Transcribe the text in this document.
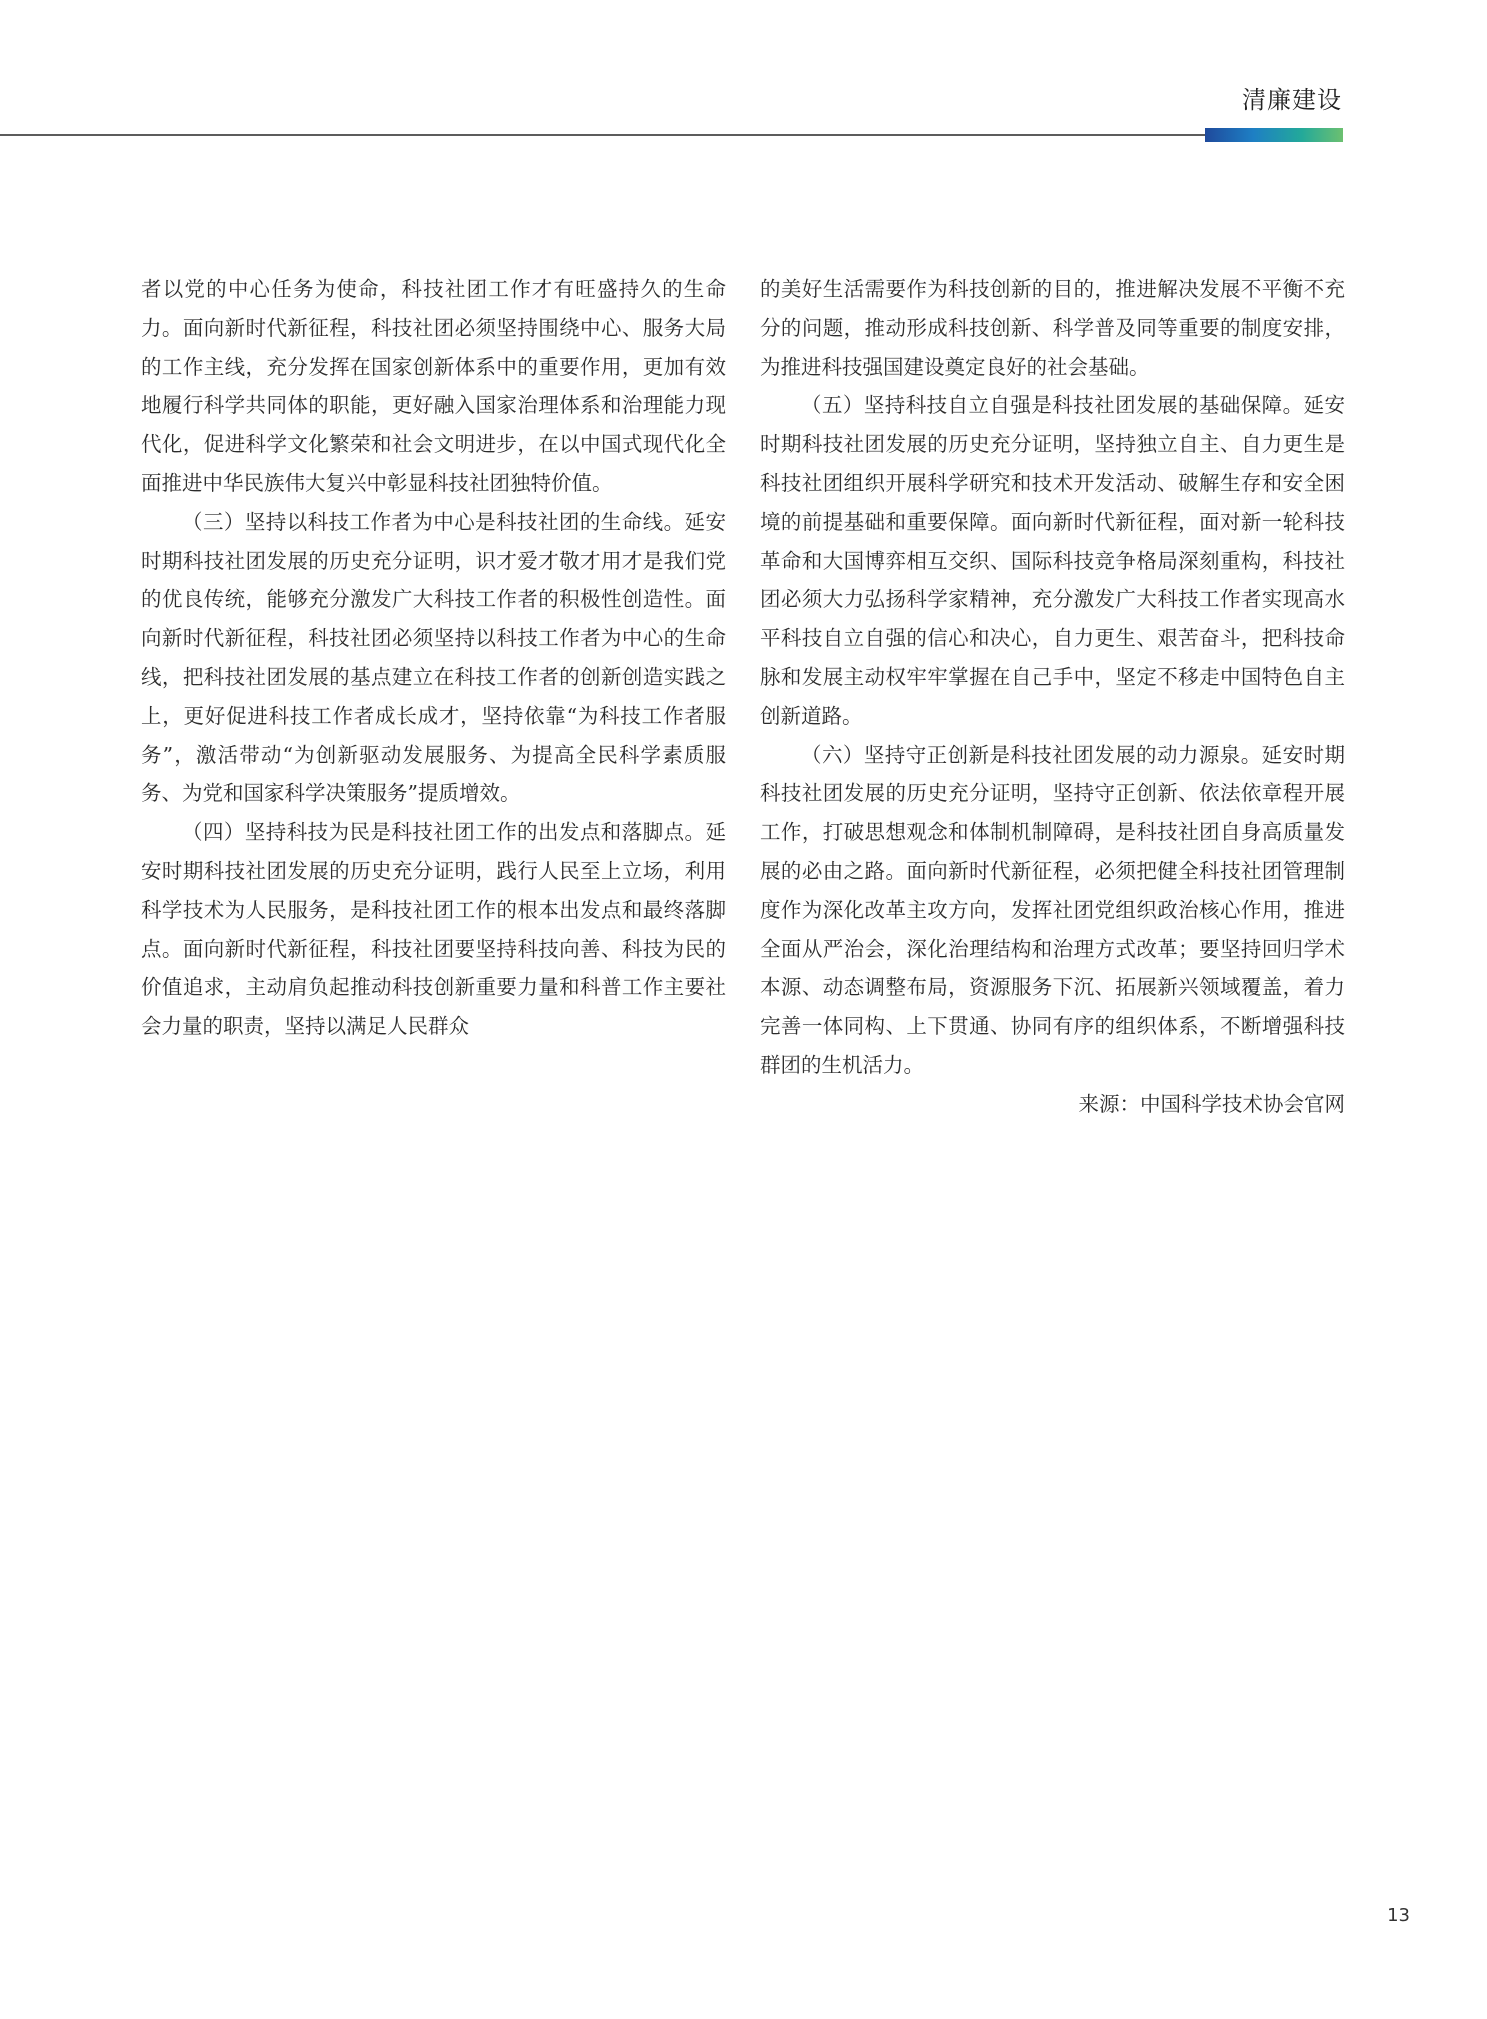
清廉建设

者以党的中心任务为使命，科技社团工作才有旺盛持久的生命力。面向新时代新征程，科技社团必须坚持围绕中心、服务大局的工作主线，充分发挥在国家创新体系中的重要作用，更加有效地履行科学共同体的职能，更好融入国家治理体系和治理能力现代化，促进科学文化繁荣和社会文明进步，在以中国式现代化全面推进中华民族伟大复兴中彰显科技社团独特价值。

（三）坚持以科技工作者为中心是科技社团的生命线。延安时期科技社团发展的历史充分证明，识才爱才敬才用才是我们党的优良传统，能够充分激发广大科技工作者的积极性创造性。面向新时代新征程，科技社团必须坚持以科技工作者为中心的生命线，把科技社团发展的基点建立在科技工作者的创新创造实践之上，更好促进科技工作者成长成才，坚持依靠“为科技工作者服务”，激活带动“为创新驱动发展服务、为提高全民科学素质服务、为党和国家科学决策服务”提质增效。

（四）坚持科技为民是科技社团工作的出发点和落脚点。延安时期科技社团发展的历史充分证明，践行人民至上立场，利用科学技术为人民服务，是科技社团工作的根本出发点和最终落脚点。面向新时代新征程，科技社团要坚持科技向善、科技为民的价值追求，主动肩负起推动科技创新重要力量和科普工作主要社会力量的职责，坚持以满足人民群众

的美好生活需要作为科技创新的目的，推进解决发展不平衡不充分的问题，推动形成科技创新、科学普及同等重要的制度安排，为推进科技强国建设奠定良好的社会基础。

（五）坚持科技自立自强是科技社团发展的基础保障。延安时期科技社团发展的历史充分证明，坚持独立自主、自力更生是科技社团组织开展科学研究和技术开发活动、破解生存和安全困境的前提基础和重要保障。面向新时代新征程，面对新一轮科技革命和大国博弈相互交织、国际科技竞争格局深刻重构，科技社团必须大力弘扬科学家精神，充分激发广大科技工作者实现高水平科技自立自强的信心和决心，自力更生、艰苦奋斗，把科技命脉和发展主动权牢牢掌握在自己手中，坚定不移走中国特色自主创新道路。

（六）坚持守正创新是科技社团发展的动力源泉。延安时期科技社团发展的历史充分证明，坚持守正创新、依法依章程开展工作，打破思想观念和体制机制障碍，是科技社团自身高质量发展的必由之路。面向新时代新征程，必须把健全科技社团管理制度作为深化改革主攻方向，发挥社团党组织政治核心作用，推进全面从严治会，深化治理结构和治理方式改革；要坚持回归学术本源、动态调整布局，资源服务下沉、拓展新兴领域覆盖，着力完善一体同构、上下贯通、协同有序的组织体系，不断增强科技群团的生机活力。

来源：中国科学技术协会官网

13
